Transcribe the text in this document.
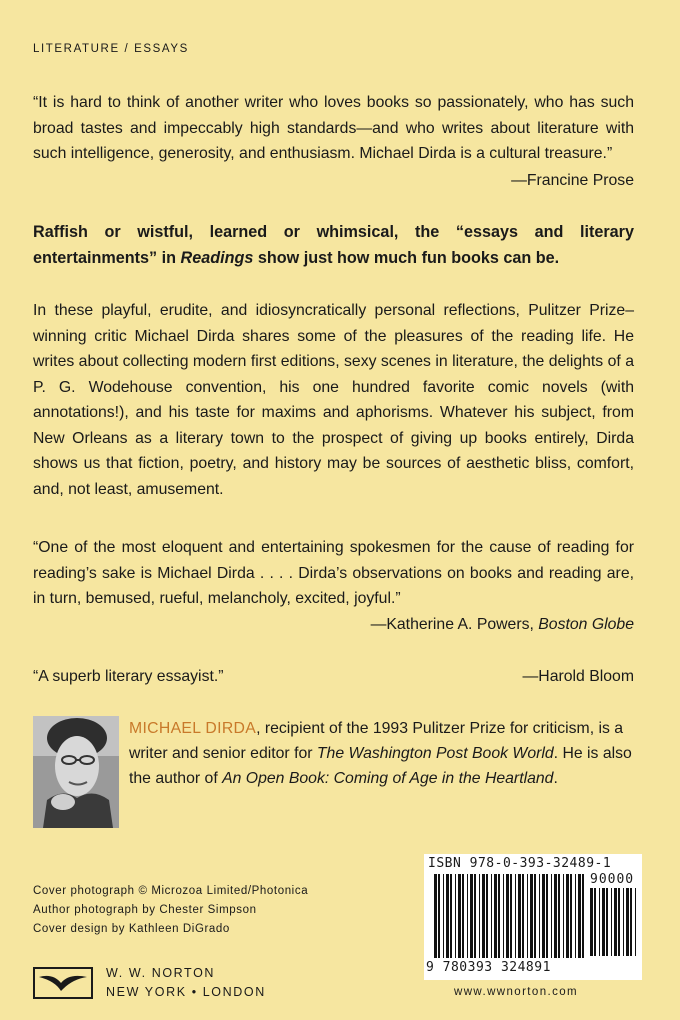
LITERATURE / ESSAYS

“It is hard to think of another writer who loves books so passionately, who has such broad tastes and impeccably high standards—and who writes about literature with such intelligence, generosity, and enthusiasm. Michael Dirda is a cultural treasure.”

—Francine Prose

Raffish or wistful, learned or whimsical, the “essays and literary entertainments” in Readings show just how much fun books can be.

In these playful, erudite, and idiosyncratically personal reflections, Pulitzer Prize–winning critic Michael Dirda shares some of the pleasures of the reading life. He writes about collecting modern first editions, sexy scenes in literature, the delights of a P. G. Wodehouse convention, his one hundred favorite comic novels (with annotations!), and his taste for maxims and aphorisms. Whatever his subject, from New Orleans as a literary town to the prospect of giving up books entirely, Dirda shows us that fiction, poetry, and history may be sources of aesthetic bliss, comfort, and, not least, amusement.

“One of the most eloquent and entertaining spokesmen for the cause of reading for reading’s sake is Michael Dirda . . . . Dirda’s observations on books and reading are, in turn, bemused, rueful, melancholy, excited, joyful.”

—Katherine A. Powers, Boston Globe
“A superb literary essayist.”	—Harold Bloom

MICHAEL DIRDA, recipient of the 1993 Pulitzer Prize for criticism, is a writer and senior editor for The Washington Post Book World. He is also the author of An Open Book: Coming of Age in the Heartland.

Cover photograph © Microzoa Limited/Photonica
Author photograph by Chester Simpson
Cover design by Kathleen DiGrado
W. W. NORTON
NEW YORK • LONDON
ISBN 978-0-393-32489-1
90000
9 780393 324891
www.wwnorton.com
